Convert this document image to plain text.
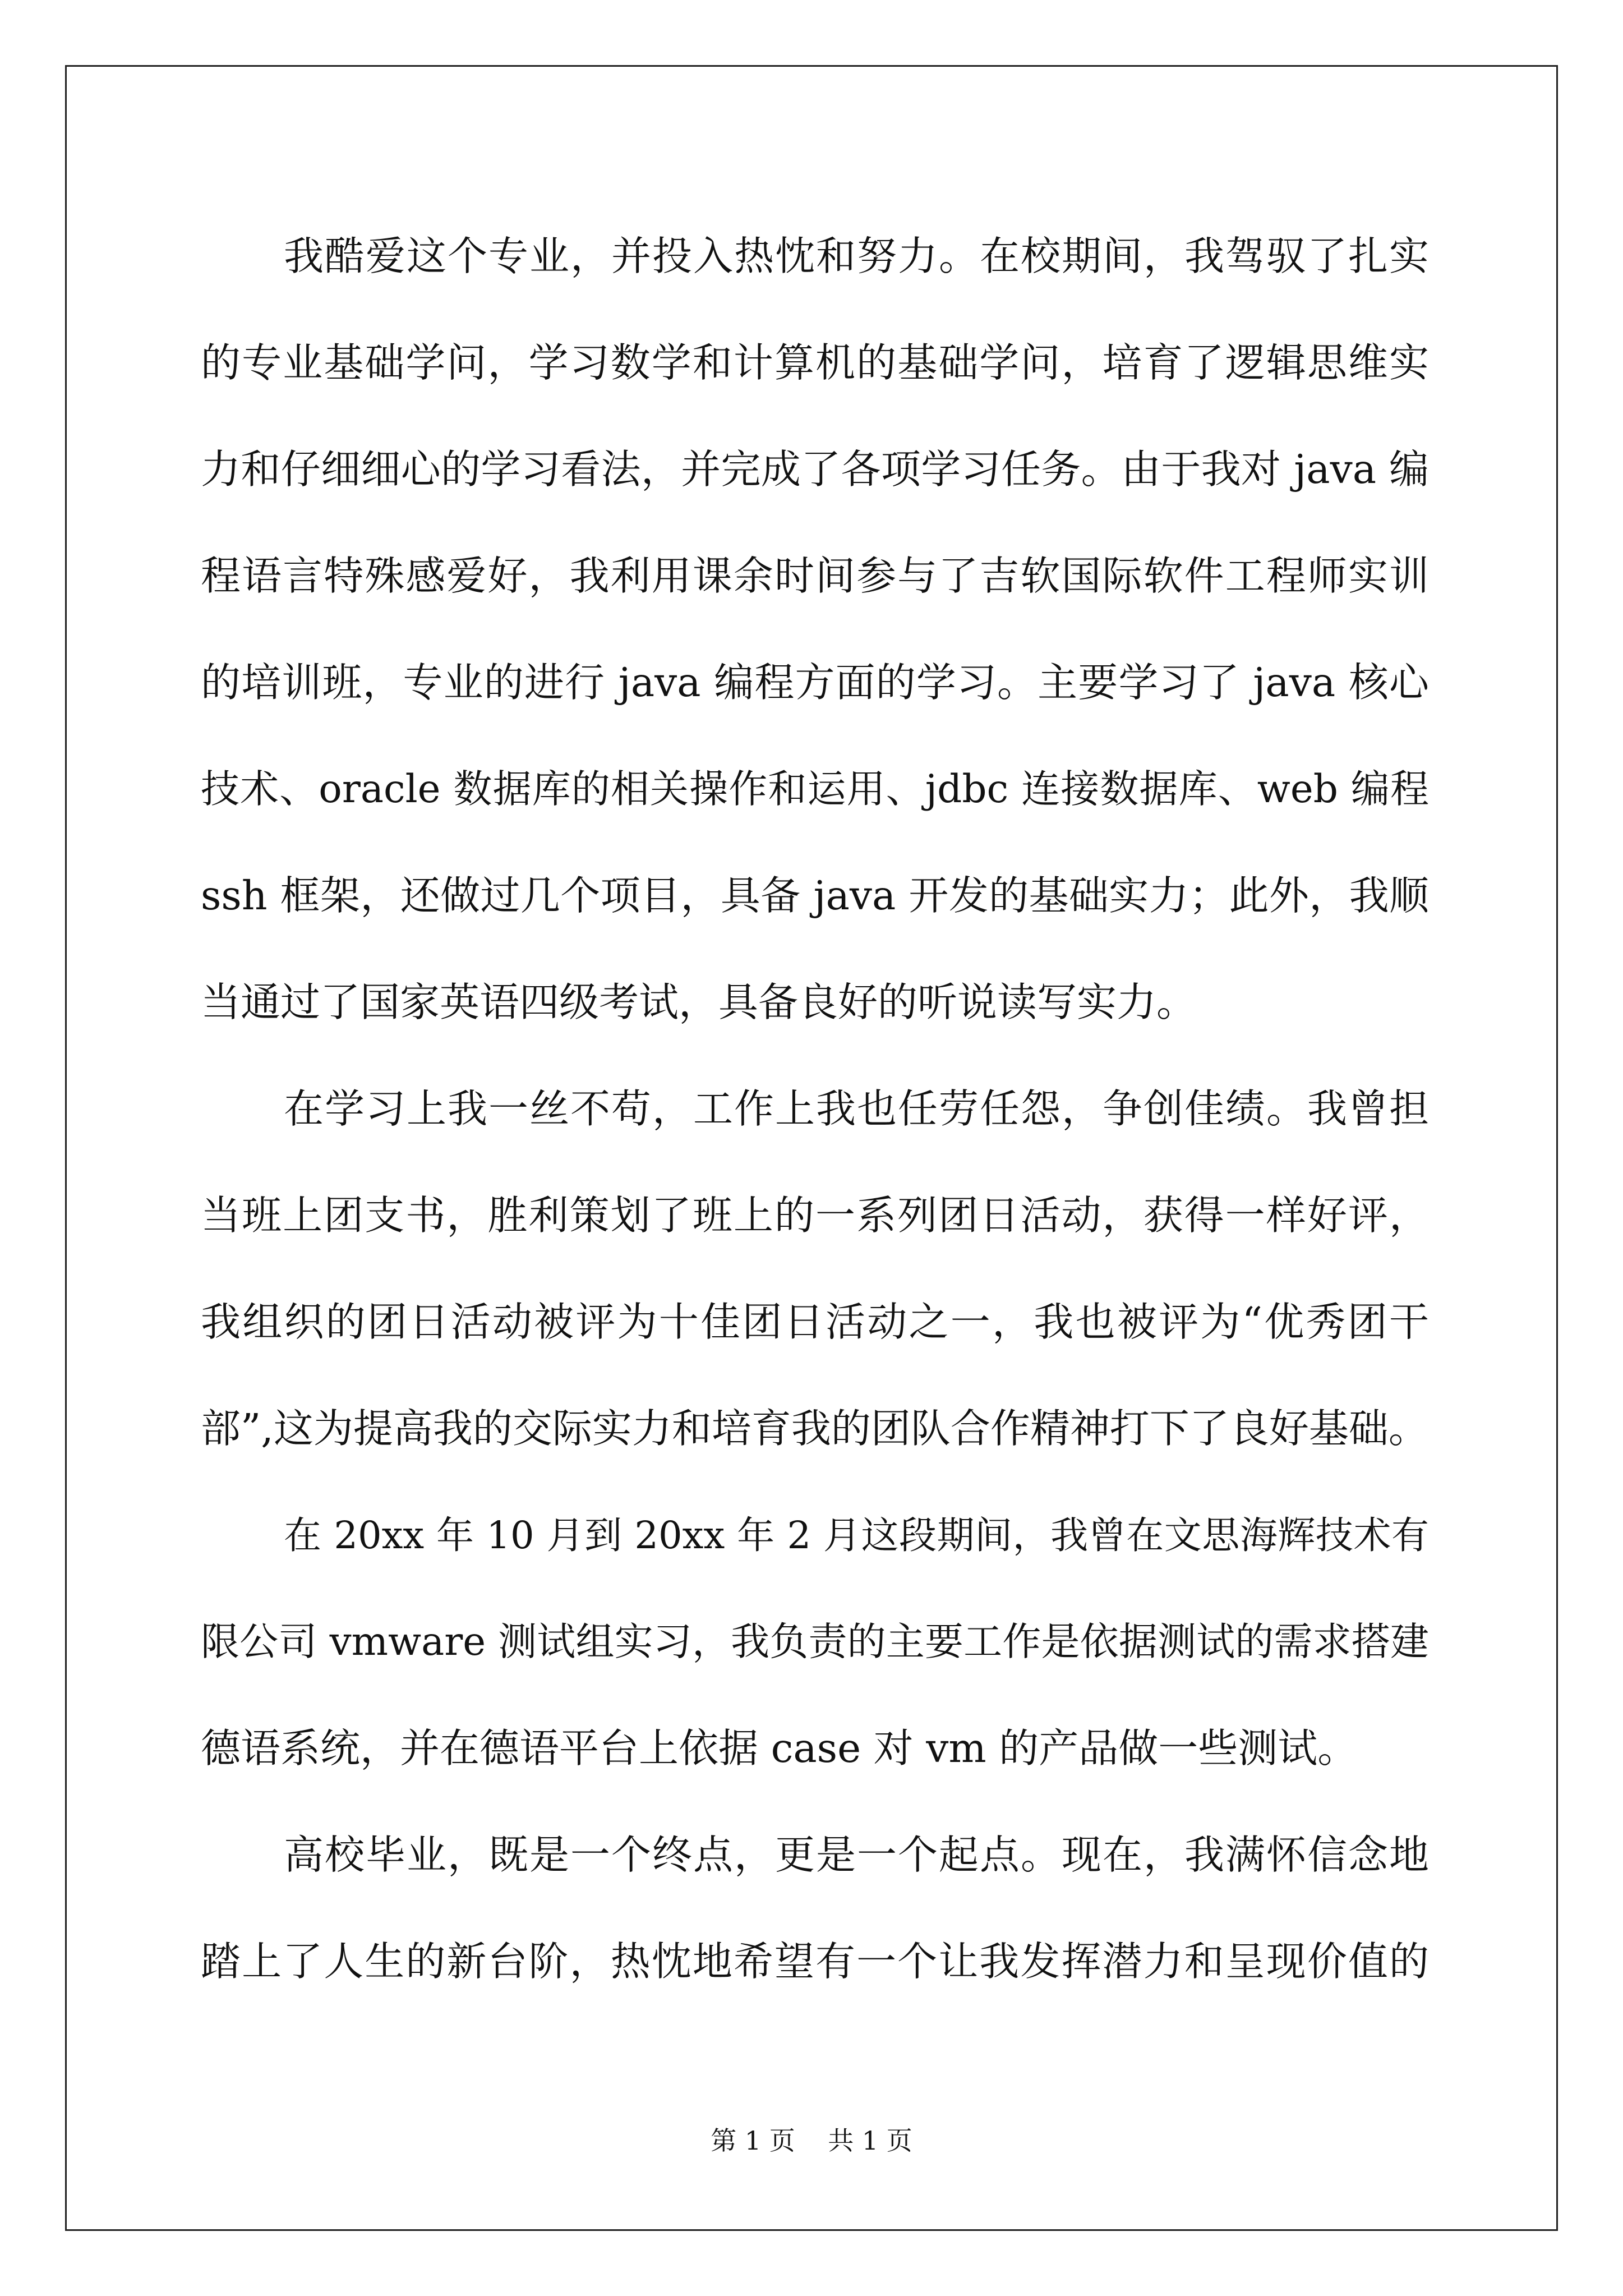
我酷爱这个专业，并投入热忱和努力。在校期间，我驾驭了扎实
的专业基础学问，学习数学和计算机的基础学问，培育了逻辑思维实
力和仔细细心的学习看法，并完成了各项学习任务。由于我对 java 编
程语言特殊感爱好，我利用课余时间参与了吉软国际软件工程师实训
的培训班，专业的进行 java 编程方面的学习。主要学习了 java 核心
技术、oracle 数据库的相关操作和运用、jdbc 连接数据库、web 编程
ssh 框架，还做过几个项目，具备 java 开发的基础实力；此外，我顺
当通过了国家英语四级考试，具备良好的听说读写实力。
在学习上我一丝不苟，工作上我也任劳任怨，争创佳绩。我曾担
当班上团支书，胜利策划了班上的一系列团日活动，获得一样好评，
我组织的团日活动被评为十佳团日活动之一，我也被评为“优秀团干
部”,这为提高我的交际实力和培育我的团队合作精神打下了良好基础。
在 20xx 年 10 月到 20xx 年 2 月这段期间，我曾在文思海辉技术有
限公司 vmware 测试组实习，我负责的主要工作是依据测试的需求搭建
德语系统，并在德语平台上依据 case 对 vm 的产品做一些测试。
高校毕业，既是一个终点，更是一个起点。现在，我满怀信念地
踏上了人生的新台阶，热忱地希望有一个让我发挥潜力和呈现价值的
第 1 页    共 1 页
